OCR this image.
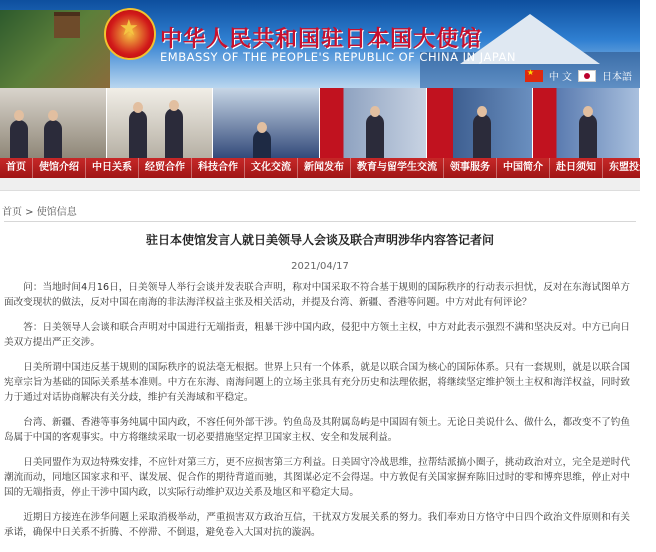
★
中华人民共和国驻日本国大使馆
EMBASSY OF THE PEOPLE'S REPUBLIC OF CHINA IN JAPAN
★
中 文	日本語
首页	使馆介绍	中日关系	经贸合作	科技合作	文化交流	新闻发布	教育与留学生交流	领事服务	中国简介	赴日须知	东盟投影
首页 > 使馆信息
驻日本使馆发言人就日美领导人会谈及联合声明涉华内容答记者问
2021/04/17

问：当地时间4月16日，日美领导人举行会谈并发表联合声明，称对中国采取不符合基于规则的国际秩序的行动表示担忧，反对在东海试图单方面改变现状的做法，反对中国在南海的非法海洋权益主张及相关活动，并提及台湾、新疆、香港等问题。中方对此有何评论？

答：日美领导人会谈和联合声明对中国进行无端指责，粗暴干涉中国内政，侵犯中方领土主权，中方对此表示强烈不满和坚决反对。中方已向日美双方提出严正交涉。

日美所谓中国违反基于规则的国际秩序的说法毫无根据。世界上只有一个体系，就是以联合国为核心的国际体系。只有一套规则，就是以联合国宪章宗旨为基础的国际关系基本准则。中方在东海、南海问题上的立场主张具有充分历史和法理依据，将继续坚定维护领土主权和海洋权益，同时致力于通过对话协商解决有关分歧，维护有关海域和平稳定。

台湾、新疆、香港等事务纯属中国内政，不容任何外部干涉。钓鱼岛及其附属岛屿是中国固有领土。无论日美说什么、做什么，都改变不了钓鱼岛属于中国的客观事实。中方将继续采取一切必要措施坚定捍卫国家主权、安全和发展利益。

日美同盟作为双边特殊安排，不应针对第三方，更不应损害第三方利益。日美固守冷战思维，拉帮结派搞小圈子，挑动政治对立，完全是逆时代潮流而动，同地区国家求和平、谋发展、促合作的期待背道而驰，其图谋必定不会得逞。中方敦促有关国家摒弃陈旧过时的零和博弈思维，停止对中国的无端指责，停止干涉中国内政，以实际行动维护双边关系及地区和平稳定大局。

近期日方接连在涉华问题上采取消极举动，严重损害双方政治互信，干扰双方发展关系的努力。我们奉劝日方恪守中日四个政治文件原则和有关承诺，确保中日关系不折腾、不停滞、不倒退，避免卷入大国对抗的漩涡。
